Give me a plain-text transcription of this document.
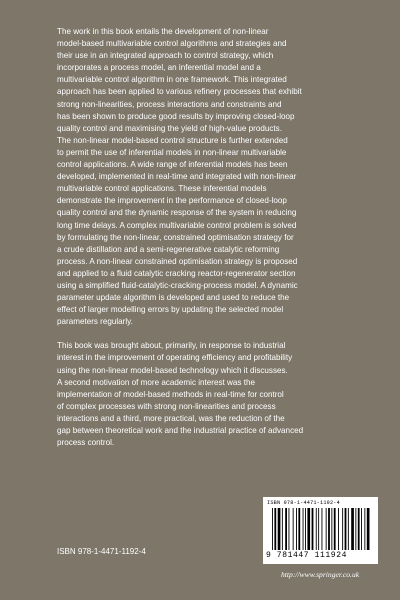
The work in this book entails the development of non-linear
model-based multivariable control algorithms and strategies and
their use in an integrated approach to control strategy, which
incorporates a process model, an inferential model and a
multivariable control algorithm in one framework. This integrated
approach has been applied to various refinery processes that exhibit
strong non-linearities, process interactions and constraints and
has been shown to produce good results by improving closed-loop
quality control and maximising the yield of high-value products.
The non-linear model-based control structure is further extended
to permit the use of inferential models in non-linear multivariable
control applications. A wide range of inferential models has been
developed, implemented in real-time and integrated with non-linear
multivariable control applications. These inferential models
demonstrate the improvement in the performance of closed-loop
quality control and the dynamic response of the system in reducing
long time delays. A complex multivariable control problem is solved
by formulating the non-linear, constrained optimisation strategy for
a crude distillation and a semi-regenerative catalytic reforming
process. A non-linear constrained optimisation strategy is proposed
and applied to a fluid catalytic cracking reactor-regenerator section
using a simplified fluid-catalytic-cracking-process model. A dynamic
parameter update algorithm is developed and used to reduce the
effect of larger modelling errors by updating the selected model
parameters regularly.

This book was brought about, primarily, in response to industrial
interest in the improvement of operating efficiency and profitability
using the non-linear model-based technology which it discusses.
A second motivation of more academic interest was the
implementation of model-based methods in real-time for control
of complex processes with strong non-linearities and process
interactions and a third, more practical, was the reduction of the
gap between theoretical work and the industrial practice of advanced
process control.

ISBN 978-1-4471-1192-4
ISBN 978-1-4471-1192-4
9 781447 111924
http://www.springer.co.uk
